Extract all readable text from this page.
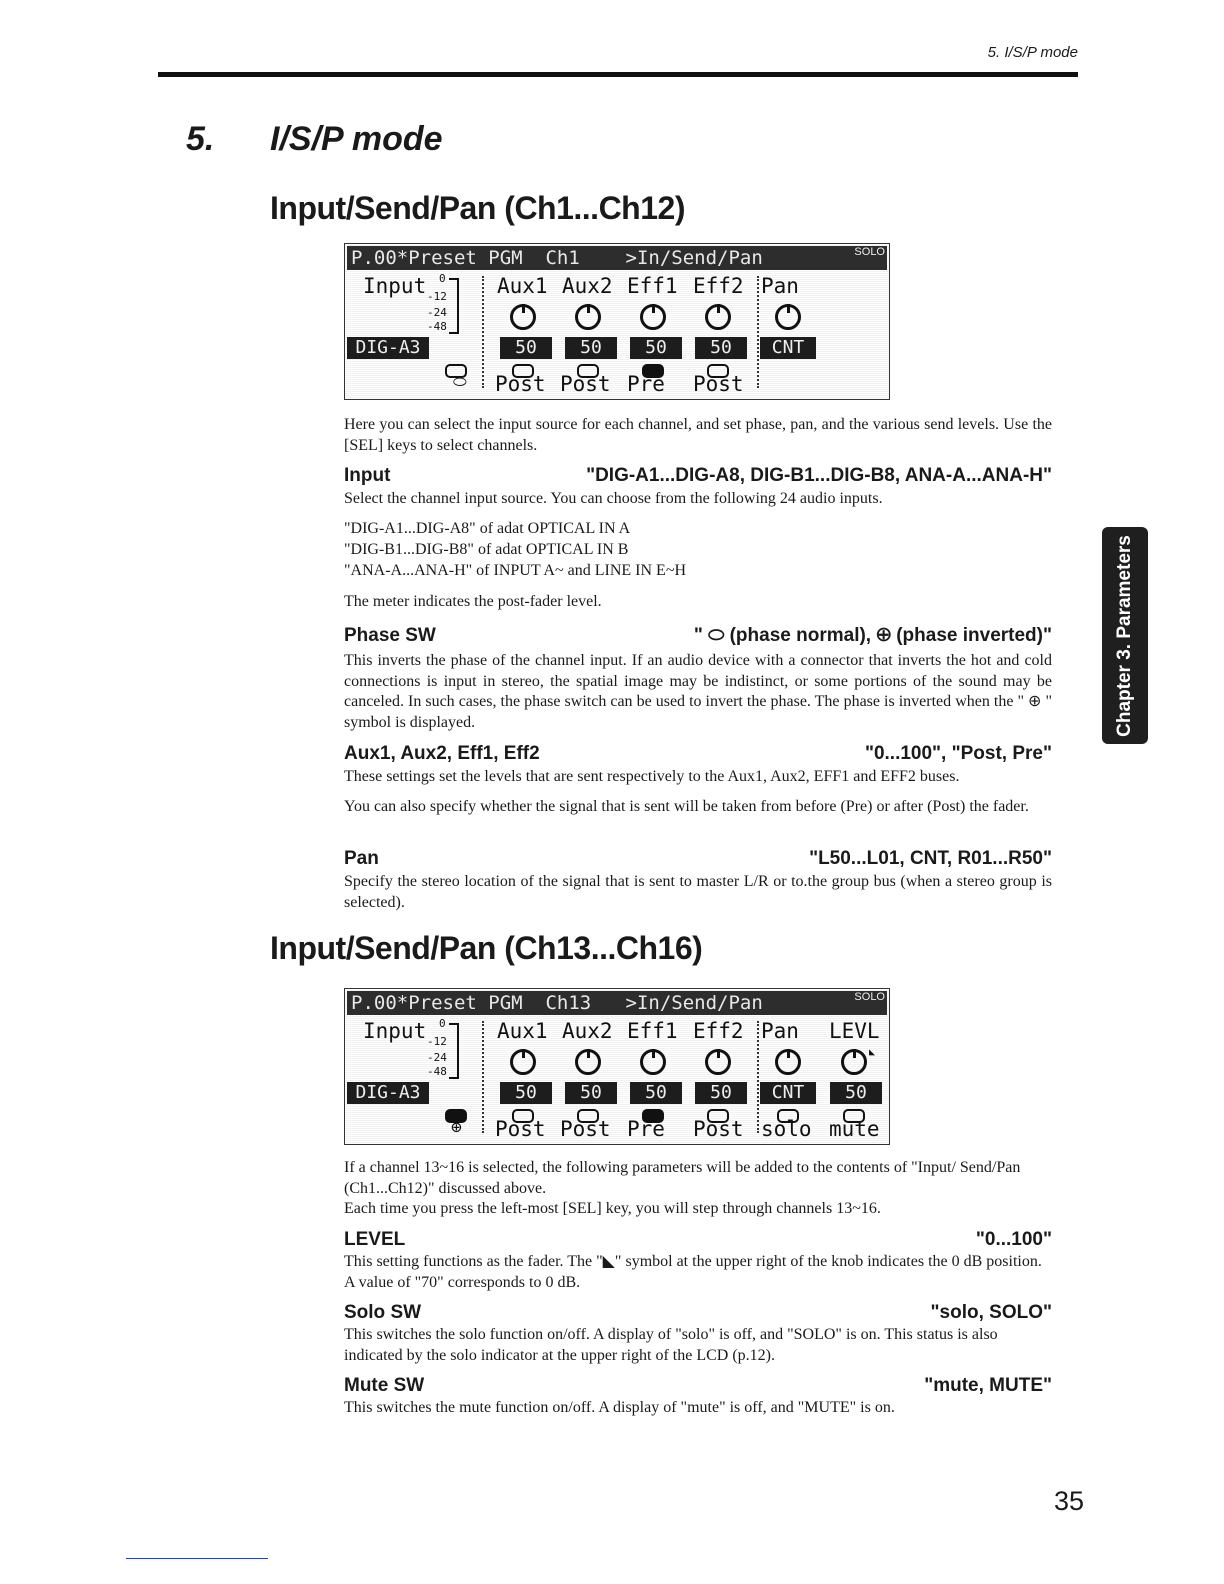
5. I/S/P mode
5. I/S/P mode
Input/Send/Pan (Ch1...Ch12)
P.00*Preset PGM  Ch1    >In/Send/Pan	SOLO
Input 0
-12
-24
-48
DIG-A3
Aux1 Aux2 Eff1 Eff2 Pan
50	50	50	50	CNT
⬭ Post Post Pre Post
Here you can select the input source for each channel, and set phase, pan, and the various send levels. Use the [SEL] keys to select channels.
Input	"DIG-A1...DIG-A8, DIG-B1...DIG-B8, ANA-A...ANA-H"
Select the channel input source. You can choose from the following 24 audio inputs.
"DIG-A1...DIG-A8" of adat OPTICAL IN A
"DIG-B1...DIG-B8" of adat OPTICAL IN B
"ANA-A...ANA-H" of INPUT A~ and LINE IN E~H
The meter indicates the post-fader level.
Phase SW	" ⬭ (phase normal), ⊕ (phase inverted)"
This inverts the phase of the channel input. If an audio device with a connector that inverts the hot and cold connections is input in stereo, the spatial image may be indistinct, or some portions of the sound may be canceled. In such cases, the phase switch can be used to invert the phase. The phase is inverted when the " ⊕ " symbol is displayed.
Aux1, Aux2, Eff1, Eff2	"0...100", "Post, Pre"
These settings set the levels that are sent respectively to the Aux1, Aux2, EFF1 and EFF2 buses.
You can also specify whether the signal that is sent will be taken from before (Pre) or after (Post) the fader.
Pan	"L50...L01, CNT, R01...R50"
Specify the stereo location of the signal that is sent to master L/R or to.the group bus (when a stereo group is selected).
Input/Send/Pan (Ch13...Ch16)
P.00*Preset PGM  Ch13   >In/Send/Pan	SOLO
Input 0
-12
-24
-48
DIG-A3
Aux1 Aux2 Eff1 Eff2 Pan LEVL
◣
50	50	50	50	CNT	50
⊕ Post Post Pre Post solo mute
If a channel 13~16 is selected, the following parameters will be added to the contents of "Input/ Send/Pan (Ch1...Ch12)" discussed above.
Each time you press the left-most [SEL] key, you will step through channels 13~16.
LEVEL	"0...100"
This setting functions as the fader. The "◣" symbol at the upper right of the knob indicates the 0 dB position. A value of "70" corresponds to 0 dB.
Solo SW	"solo, SOLO"
This switches the solo function on/off. A display of "solo" is off, and "SOLO" is on. This status is also indicated by the solo indicator at the upper right of the LCD (p.12).
Mute SW	"mute, MUTE"
This switches the mute function on/off. A display of "mute" is off, and "MUTE" is on.
Chapter 3. Parameters
35
